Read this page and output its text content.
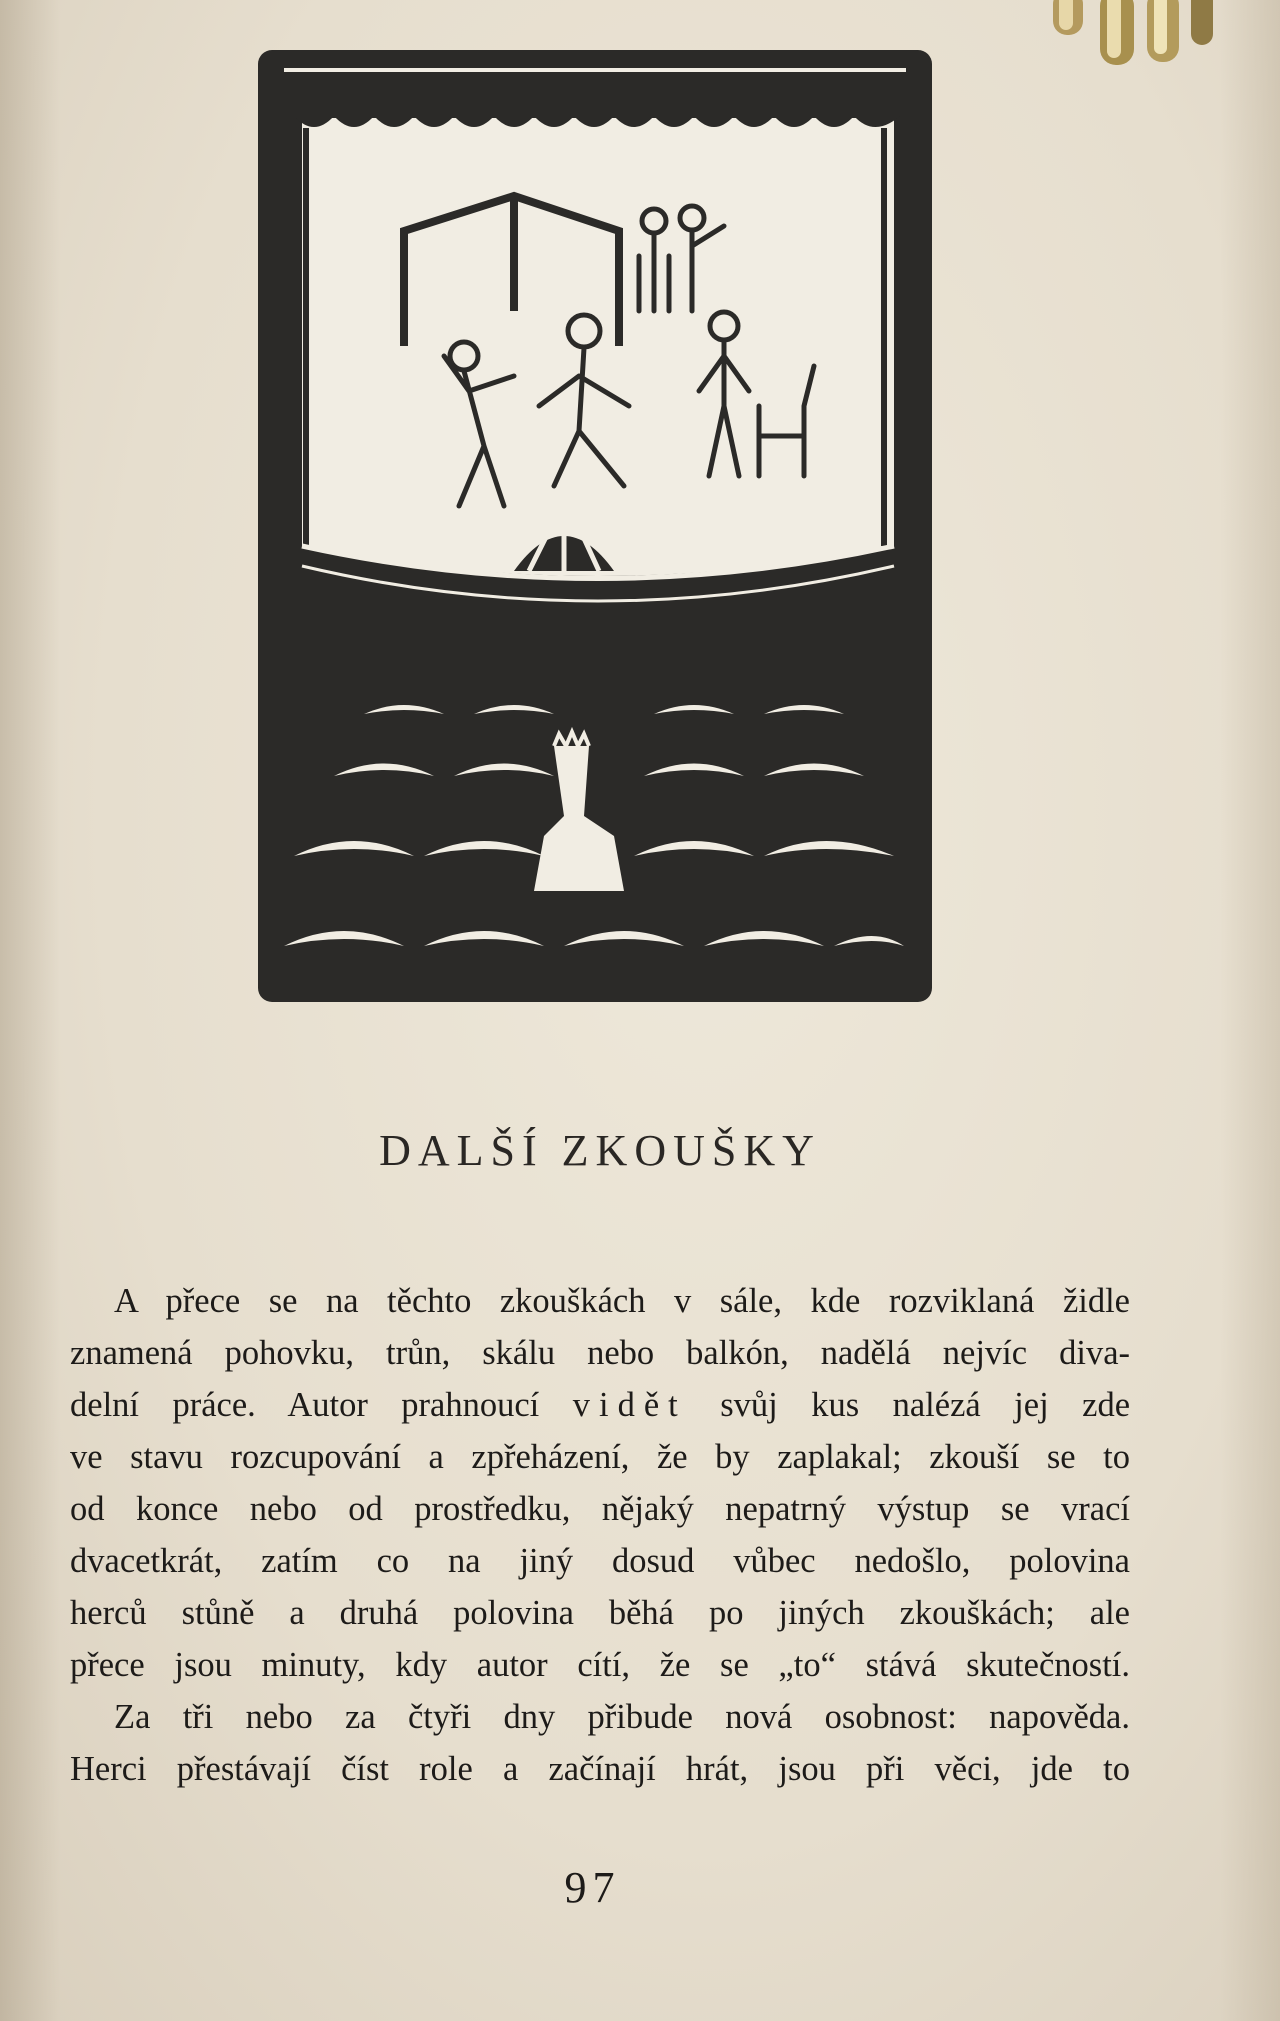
DALŠÍ ZKOUŠKY
A přece se na těchto zkouškách v sále, kde rozviklaná židle
znamená pohovku, trůn, skálu nebo balkón, nadělá nejvíc diva-
delní práce. Autor prahnoucí vidět svůj kus nalézá jej zde
ve stavu rozcupování a zpřeházení, že by zaplakal; zkouší se to
od konce nebo od prostředku, nějaký nepatrný výstup se vrací
dvacetkrát, zatím co na jiný dosud vůbec nedošlo, polovina
herců stůně a druhá polovina běhá po jiných zkouškách; ale
přece jsou minuty, kdy autor cítí, že se „to“ stává skutečností.
Za tři nebo za čtyři dny přibude nová osobnost: napověda.
Herci přestávají číst role a začínají hrát, jsou při věci, jde to
97
